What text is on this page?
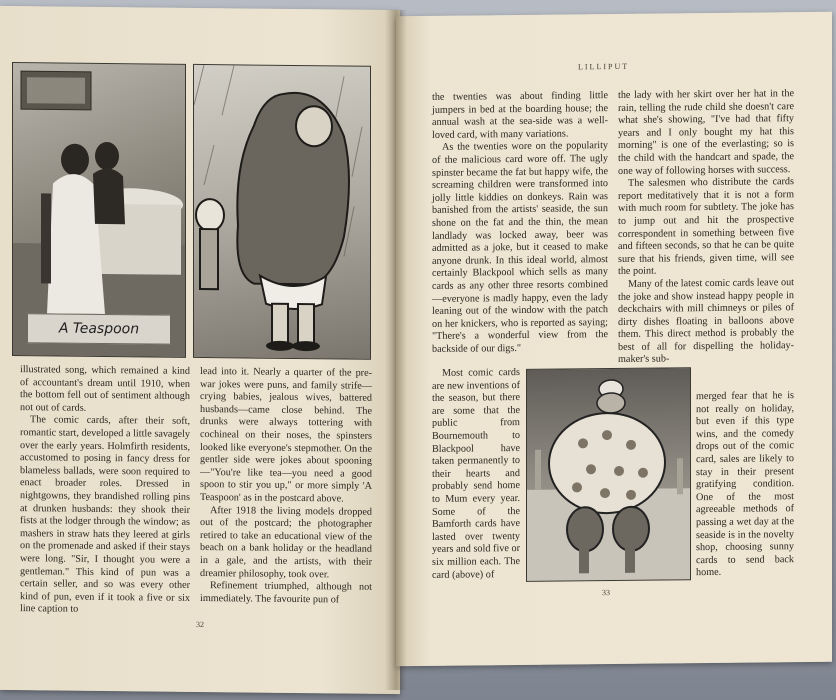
A Teaspoon

illustrated song, which remained a kind of accountant's dream until 1910, when the bottom fell out of sentiment although not out of cards.

The comic cards, after their soft, romantic start, developed a little savagely over the early years. Holmfirth residents, accustomed to posing in fancy dress for blameless ballads, were soon required to enact broader roles. Dressed in nightgowns, they brandished rolling pins at drunken husbands: they shook their fists at the lodger through the window; as mashers in straw hats they leered at girls on the promenade and asked if their stays were long. "Sir, I thought you were a gentleman." This kind of pun was a certain seller, and so was every other kind of pun, even if it took a five or six line caption to

lead into it. Nearly a quarter of the pre-war jokes were puns, and family strife—crying babies, jealous wives, battered husbands—came close behind. The drunks were always tottering with cochineal on their noses, the spinsters looked like everyone's stepmother. On the gentler side were jokes about spooning—"You're like tea—you need a good spoon to stir you up," or more simply 'A Teaspoon' as in the postcard above.

After 1918 the living models dropped out of the postcard; the photographer retired to take an educational view of the beach on a bank holiday or the headland in a gale, and the artists, with their dreamier philosophy, took over.

Refinement triumphed, although not immediately. The favourite pun of

32
LILLIPUT

the twenties was about finding little jumpers in bed at the boarding house; the annual wash at the sea-side was a well-loved card, with many variations.

As the twenties wore on the popularity of the malicious card wore off. The ugly spinster became the fat but happy wife, the screaming children were transformed into jolly little kiddies on donkeys. Rain was banished from the artists' seaside, the sun shone on the fat and the thin, the mean landlady was locked away, beer was admitted as a joke, but it ceased to make anyone drunk. In this ideal world, almost certainly Blackpool which sells as many cards as any other three resorts combined—everyone is madly happy, even the lady leaning out of the window with the patch on her knickers, who is reported as saying; "There's a wonderful view from the backside of our digs."

Most comic cards are new inventions of the season, but there are some that the public from Bournemouth to Blackpool have taken permanently to their hearts and probably send home to Mum every year. Some of the Bamforth cards have lasted over twenty years and sold five or six million each. The card (above) of

the lady with her skirt over her hat in the rain, telling the rude child she doesn't care what she's showing, "I've had that fifty years and I only bought my hat this morning" is one of the everlasting; so is the child with the handcart and spade, the one way of following horses with success.

The salesmen who distribute the cards report meditatively that it is not a form with much room for subtlety. The joke has to jump out and hit the prospective correspondent in something between five and fifteen seconds, so that he can be quite sure that his friends, given time, will see the point.

Many of the latest comic cards leave out the joke and show instead happy people in deckchairs with mill chimneys or piles of dirty dishes floating in balloons above them. This direct method is probably the best of all for dispelling the holiday-maker's sub-

merged fear that he is not really on holiday, but even if this type wins, and the comedy drops out of the comic card, sales are likely to stay in their present gratifying condition. One of the most agreeable methods of passing a wet day at the seaside is in the novelty shop, choosing sunny cards to send back home.

33
